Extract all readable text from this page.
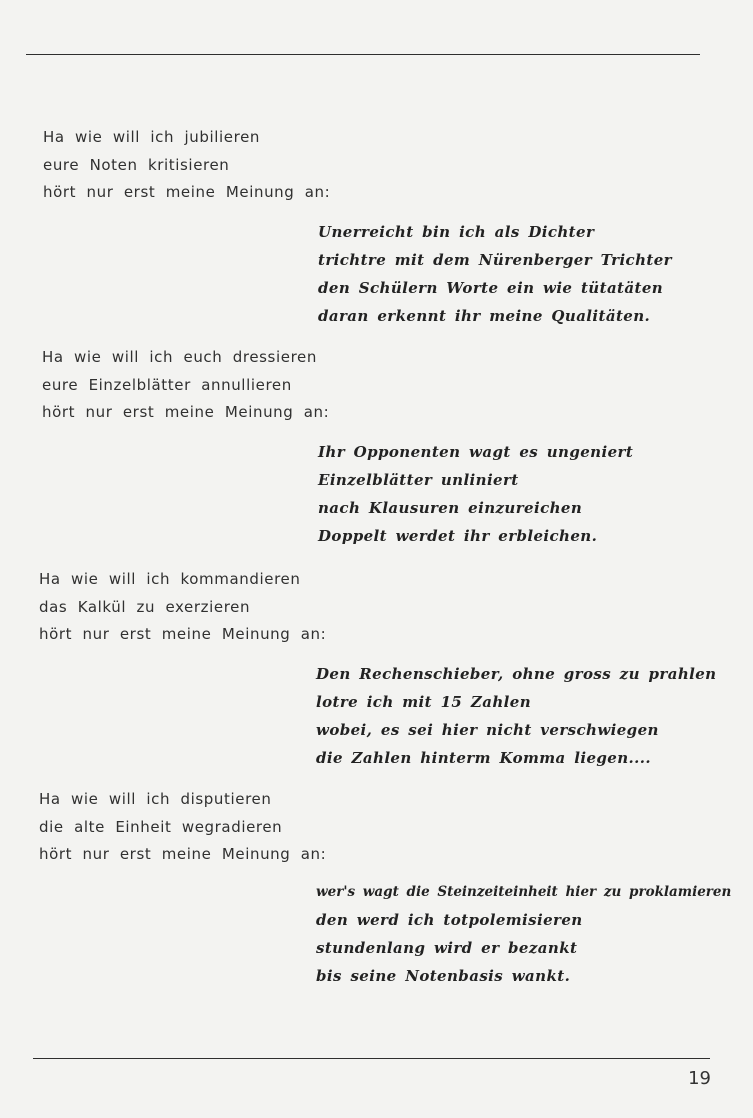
Ha wie will ich jubilieren
eure Noten kritisieren
hört nur erst meine Meinung an:
Unerreicht bin ich als Dichter
trichtre mit dem Nürenberger Trichter
den Schülern Worte ein wie tütatäten
daran erkennt ihr meine Qualitäten.
Ha wie will ich euch dressieren
eure Einzelblätter annullieren
hört nur erst meine Meinung an:
Ihr Opponenten wagt es ungeniert
Einzelblätter unliniert
nach Klausuren einzureichen
Doppelt werdet ihr erbleichen.
Ha wie will ich kommandieren
das Kalkül zu exerzieren
hört nur erst meine Meinung an:
Den Rechenschieber, ohne gross zu prahlen
lotre ich mit 15 Zahlen
wobei, es sei hier nicht verschwiegen
die Zahlen hinterm Komma liegen....
Ha wie will ich disputieren
die alte Einheit wegradieren
hört nur erst meine Meinung an:
wer's wagt die Steinzeiteinheit hier zu proklamieren
den werd ich totpolemisieren
stundenlang wird er bezankt
bis seine Notenbasis wankt.
19
